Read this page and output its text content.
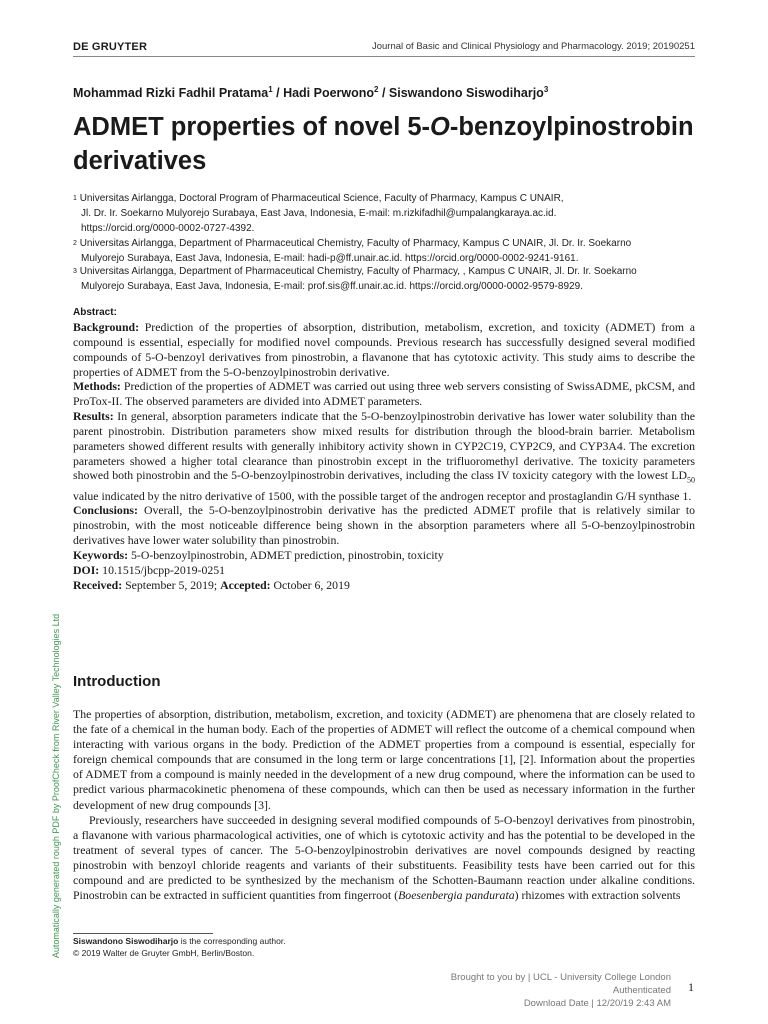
DE GRUYTER	Journal of Basic and Clinical Physiology and Pharmacology. 2019; 20190251
Mohammad Rizki Fadhil Pratama$^1$ / Hadi Poerwono$^2$ / Siswandono Siswodiharjo$^3$
ADMET properties of novel 5-O-benzoylpinostrobin derivatives
$^1$ Universitas Airlangga, Doctoral Program of Pharmaceutical Science, Faculty of Pharmacy, Kampus C UNAIR,
Jl. Dr. Ir. Soekarno Mulyorejo Surabaya, East Java, Indonesia, E-mail: m.rizkifadhil@umpalangkaraya.ac.id.
https://orcid.org/0000-0002-0727-4392.
$^2$ Universitas Airlangga, Department of Pharmaceutical Chemistry, Faculty of Pharmacy, Kampus C UNAIR, Jl. Dr. Ir. Soekarno
Mulyorejo Surabaya, East Java, Indonesia, E-mail: hadi-p@ff.unair.ac.id. https://orcid.org/0000-0002-9241-9161.
$^3$ Universitas Airlangga, Department of Pharmaceutical Chemistry, Faculty of Pharmacy, , Kampus C UNAIR, Jl. Dr. Ir. Soekarno
Mulyorejo Surabaya, East Java, Indonesia, E-mail: prof.sis@ff.unair.ac.id. https://orcid.org/0000-0002-9579-8929.
Abstract:

Background: Prediction of the properties of absorption, distribution, metabolism, excretion, and toxicity (ADMET) from a compound is essential, especially for modified novel compounds. Previous research has successfully designed several modified compounds of 5-O-benzoyl derivatives from pinostrobin, a flavanone that has cytotoxic activity. This study aims to describe the properties of ADMET from the 5-O-benzoylpinostrobin derivative.

Methods: Prediction of the properties of ADMET was carried out using three web servers consisting of SwissADME, pkCSM, and ProTox-II. The observed parameters are divided into ADMET parameters.

Results: In general, absorption parameters indicate that the 5-O-benzoylpinostrobin derivative has lower water solubility than the parent pinostrobin. Distribution parameters show mixed results for distribution through the blood-brain barrier. Metabolism parameters showed different results with generally inhibitory activity shown in CYP2C19, CYP2C9, and CYP3A4. The excretion parameters showed a higher total clearance than pinostrobin except in the trifluoromethyl derivative. The toxicity parameters showed both pinostrobin and the 5-O-benzoylpinostrobin derivatives, including the class IV toxicity category with the lowest $LD_{50}$ value indicated by the nitro derivative of 1500, with the possible target of the androgen receptor and prostaglandin G/H synthase 1.

Conclusions: Overall, the 5-O-benzoylpinostrobin derivative has the predicted ADMET profile that is relatively similar to pinostrobin, with the most noticeable difference being shown in the absorption parameters where all 5-O-benzoylpinostrobin derivatives have lower water solubility than pinostrobin.

Keywords: 5-O-benzoylpinostrobin, ADMET prediction, pinostrobin, toxicity

DOI: 10.1515/jbcpp-2019-0251

Received: September 5, 2019; Accepted: October 6, 2019

Introduction

The properties of absorption, distribution, metabolism, excretion, and toxicity (ADMET) are phenomena that are closely related to the fate of a chemical in the human body. Each of the properties of ADMET will reflect the outcome of a chemical compound when interacting with various organs in the body. Prediction of the ADMET properties from a compound is essential, especially for foreign chemical compounds that are consumed in the long term or large concentrations [1], [2]. Information about the properties of ADMET from a compound is mainly needed in the development of a new drug compound, where the information can be used to predict various pharmacokinetic phenomena of these compounds, which can then be used as necessary information in the further development of new drug compounds [3].

Previously, researchers have succeeded in designing several modified compounds of 5-O-benzoyl derivatives from pinostrobin, a flavanone with various pharmacological activities, one of which is cytotoxic activity and has the potential to be developed in the treatment of several types of cancer. The 5-O-benzoylpinostrobin derivatives are novel compounds designed by reacting pinostrobin with benzoyl chloride reagents and variants of their substituents. Feasibility tests have been carried out for this compound and are predicted to be synthesized by the mechanism of the Schotten-Baumann reaction under alkaline conditions. Pinostrobin can be extracted in sufficient quantities from fingerroot (Boesenbergia pandurata) rhizomes with extraction solvents

Siswandono Siswodiharjo is the corresponding author.
© 2019 Walter de Gruyter GmbH, Berlin/Boston.
Automatically generated rough PDF by ProofCheck from River Valley Technologies Ltd
Brought to you by | UCL - University College London
Authenticated
Download Date | 12/20/19 2:43 AM
1
